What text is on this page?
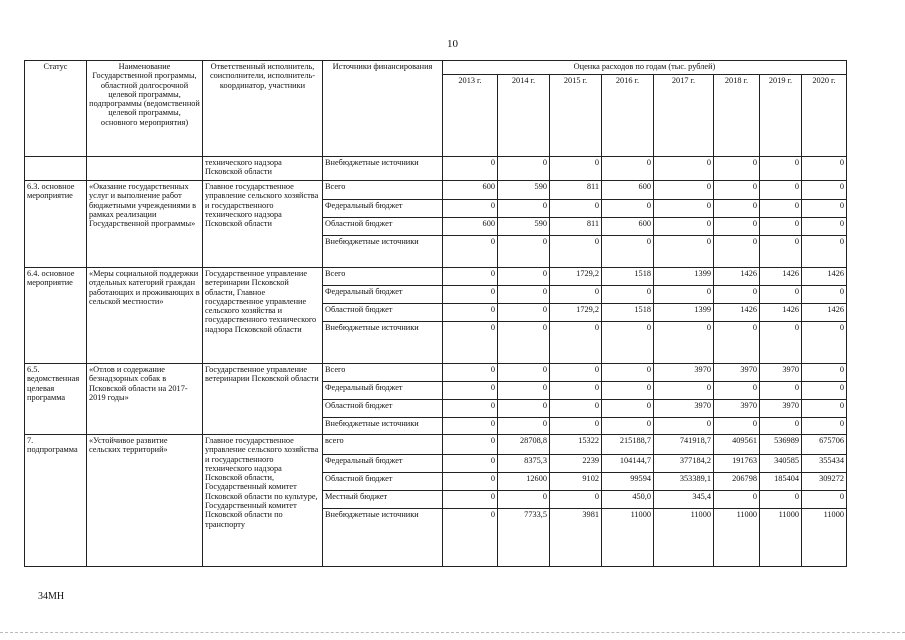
10
Статус	Наименование Государственной программы, областной долгосрочной целевой программы, подпрограммы (ведомственной целевой программы, основного мероприятия)	Ответственный исполнитель, соисполнители, исполнитель-координатор, участники	Источники финансирования	Оценка расходов по годам (тыс. рублей)							
				2013 г.	2014 г.	2015 г.	2016 г.	2017 г.	2018 г.	2019 г.	2020 г.
		технического надзора Псковской области	Внебюджетные источники	0	0	0	0	0	0	0	0
6.3. основное мероприятие	«Оказание государственных услуг и выполнение работ бюджетными учреждениями в рамках реализации Государственной программы»	Главное государственное управление сельского хозяйства и государственного технического надзора Псковской области	Всего	600	590	811	600	0	0	0	0
			Федеральный бюджет	0	0	0	0	0	0	0	0
			Областной бюджет	600	590	811	600	0	0	0	0
			Внебюджетные источники	0	0	0	0	0	0	0	0
6.4. основное мероприятие	«Меры социальной поддержки отдельных категорий граждан работающих и проживающих в сельской местности»	Государственное управление ветеринарии Псковской области, Главное государственное управление сельского хозяйства и государственного технического надзора Псковской области	Всего	0	0	1729,2	1518	1399	1426	1426	1426
			Федеральный бюджет	0	0	0	0	0	0	0	0
			Областной бюджет	0	0	1729,2	1518	1399	1426	1426	1426
			Внебюджетные источники	0	0	0	0	0	0	0	0
6.5. ведомственная целевая программа	«Отлов и содержание безнадзорных собак в Псковской области на 2017-2019 годы»	Государственное управление ветеринарии Псковской области	Всего	0	0	0	0	3970	3970	3970	0
			Федеральный бюджет	0	0	0	0	0	0	0	0
			Областной бюджет	0	0	0	0	3970	3970	3970	0
			Внебюджетные источники	0	0	0	0	0	0	0	0
7. подпрограмма	«Устойчивое развитие сельских территорий»	Главное государственное управление сельского хозяйства и государственного технического надзора Псковской области, Государственный комитет Псковской области по культуре, Государственный комитет Псковской области по транспорту	всего	0	28708,8	15322	215188,7	741918,7	409561	536989	675706
			Федеральный бюджет	0	8375,3	2239	104144,7	377184,2	191763	340585	355434
			Областной бюджет	0	12600	9102	99594	353389,1	206798	185404	309272
			Местный бюджет	0	0	0	450,0	345,4	0	0	0
			Внебюджетные источники	0	7733,5	3981	11000	11000	11000	11000	11000
34МН
